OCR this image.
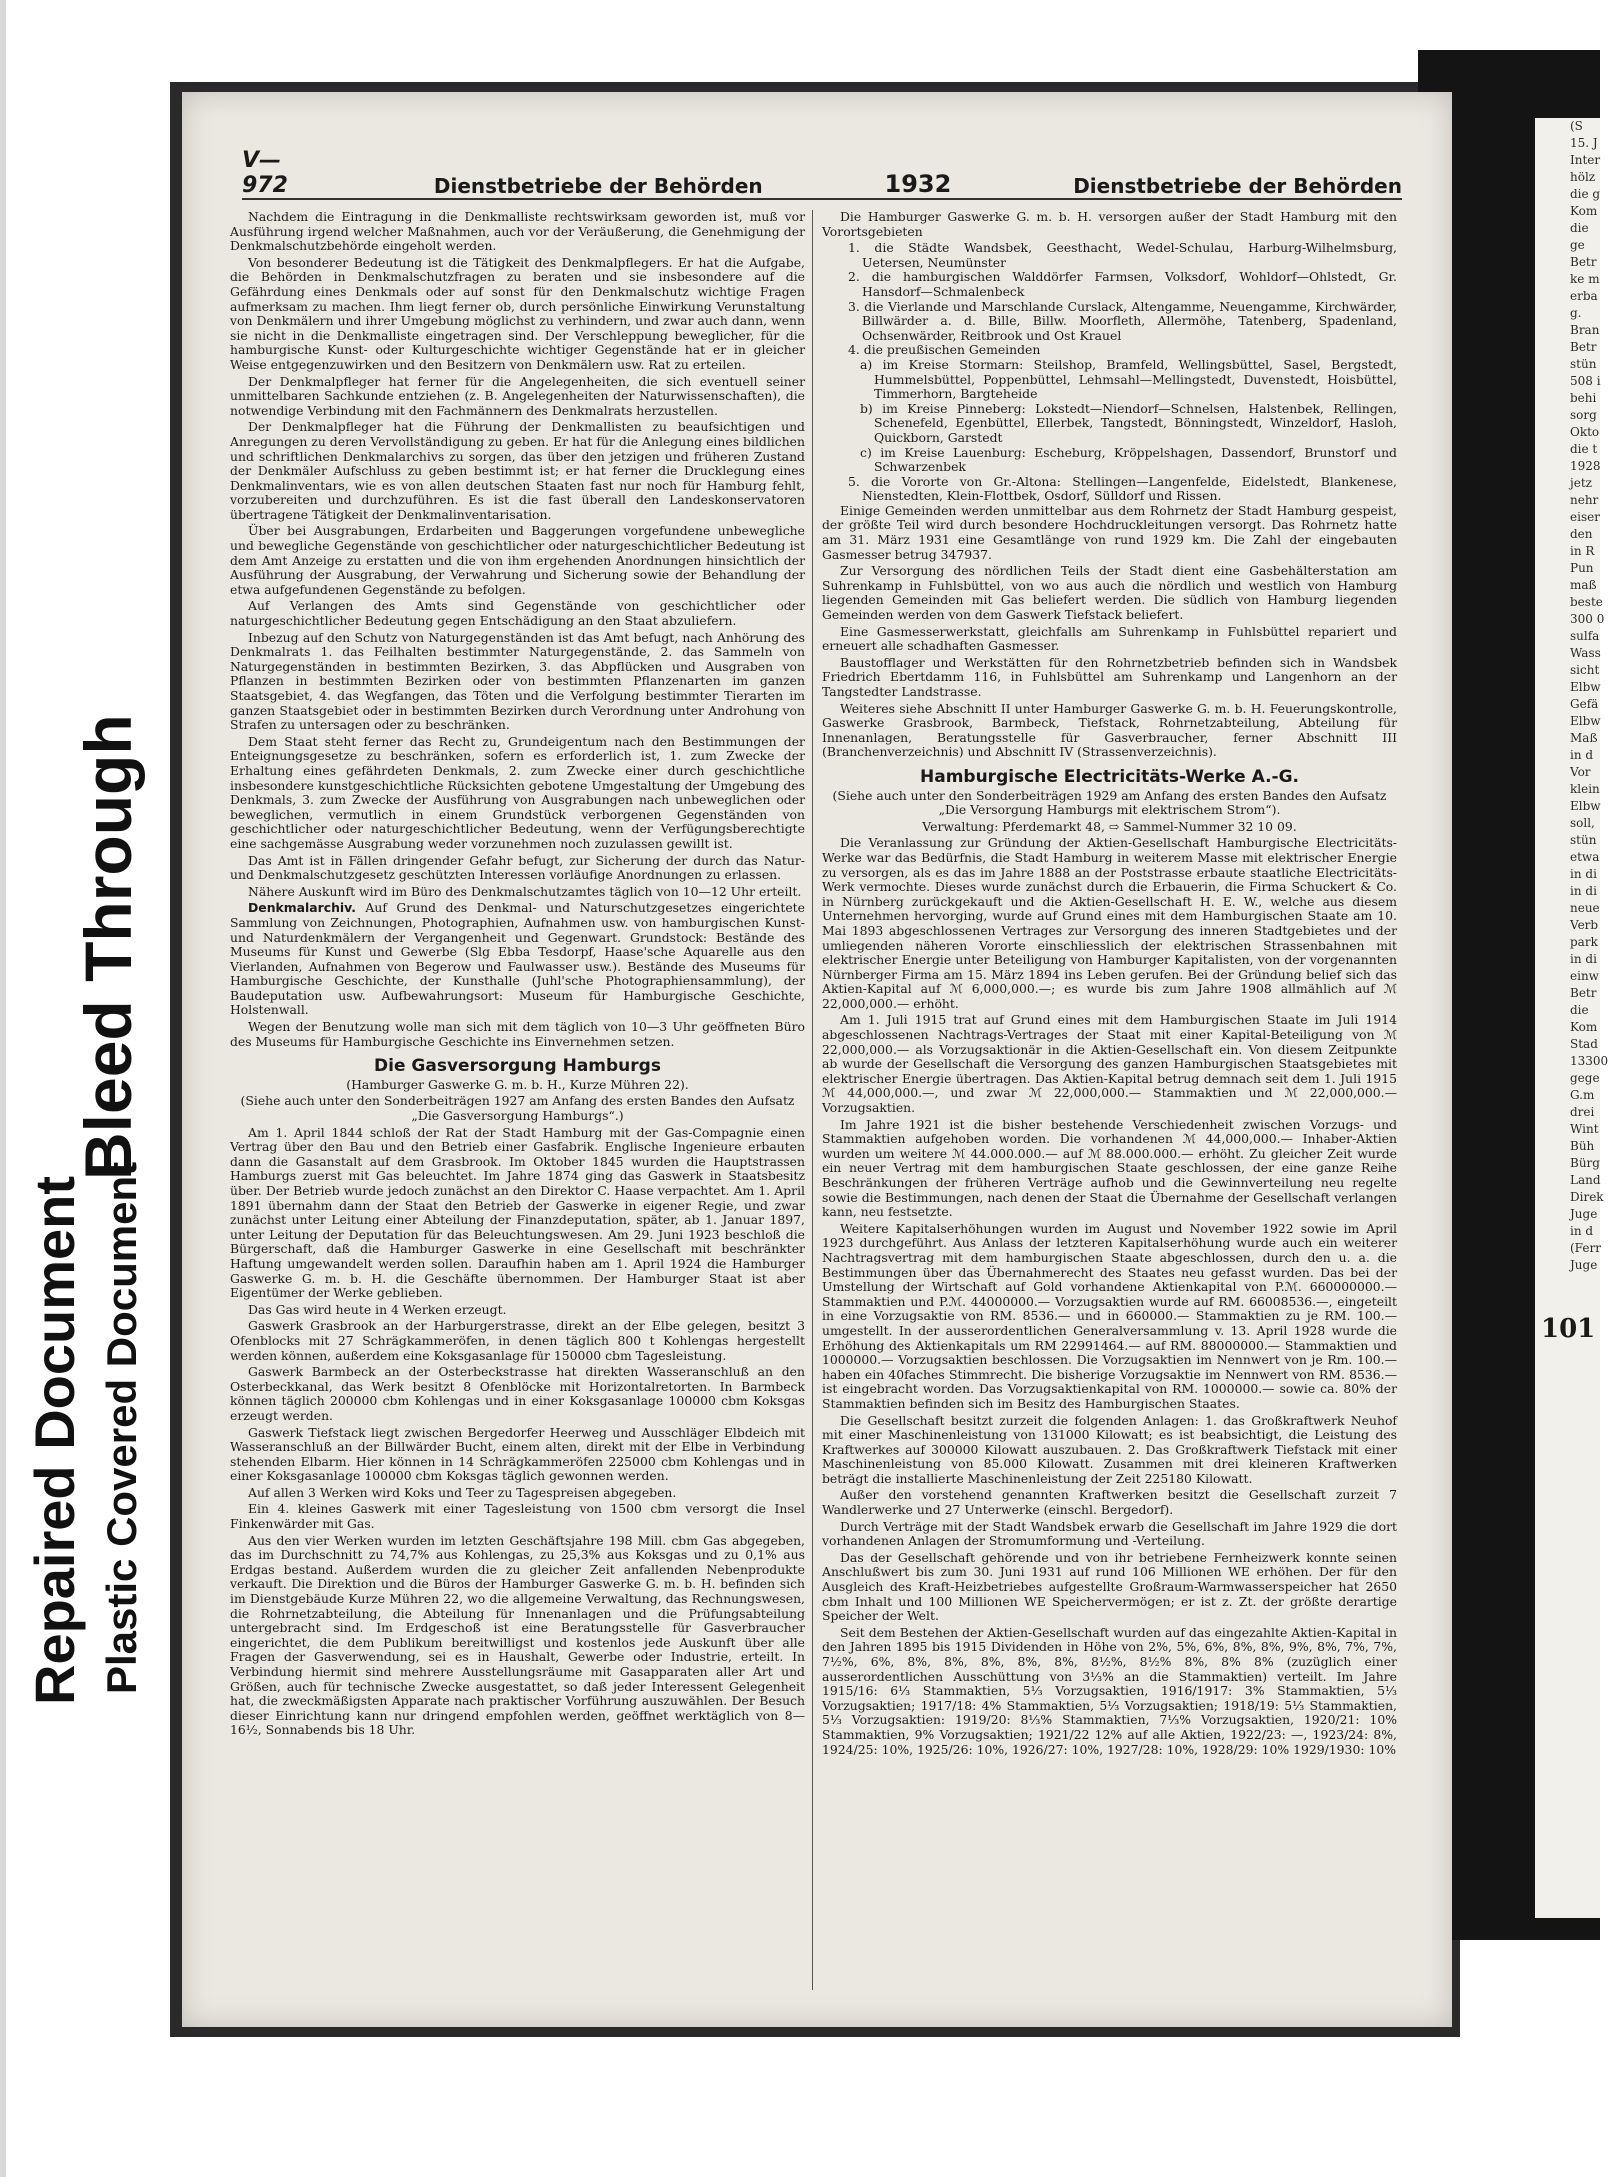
(S
15. J
Inter
hölz
die g
Kom
die
ge
Betr
ke m
erba
g.
Bran
Betr
stün
508 i
behi
sorg
Okto
die t
1928
jetz
nehr
eiser
den
in R
Pun
maß
beste
300 0
sulfa
Wass
sicht
Elbw
Gefä
Elbw
Maß
in d
Vor
klein
Elbw
soll,
stün
etwa
in di
in di
neue
Verb
park
in di
einw
Betr
die
Kom
Stad
13300
gege
G.m
drei
Wint
Büh
Bürg
Land
Direk
Juge
in d
(Ferr
Juge
101
Repaired Document Plastic Covered Document
Bleed Through
V—972	Dienstbetriebe der Behörden	1932	Dienstbetriebe der Behörden

Nachdem die Eintragung in die Denkmalliste rechtswirksam geworden ist, muß vor Ausführung irgend welcher Maßnahmen, auch vor der Veräußerung, die Genehmigung der Denkmalschutzbehörde eingeholt werden.

Von besonderer Bedeutung ist die Tätigkeit des Denkmalpflegers. Er hat die Aufgabe, die Behörden in Denkmalschutzfragen zu beraten und sie insbesondere auf die Gefährdung eines Denkmals oder auf sonst für den Denkmalschutz wichtige Fragen aufmerksam zu machen. Ihm liegt ferner ob, durch persönliche Einwirkung Verunstaltung von Denkmälern und ihrer Umgebung möglichst zu verhindern, und zwar auch dann, wenn sie nicht in die Denkmalliste eingetragen sind. Der Verschleppung beweglicher, für die hamburgische Kunst- oder Kulturgeschichte wichtiger Gegenstände hat er in gleicher Weise entgegenzuwirken und den Besitzern von Denkmälern usw. Rat zu erteilen.

Der Denkmalpfleger hat ferner für die Angelegenheiten, die sich eventuell seiner unmittelbaren Sachkunde entziehen (z. B. Angelegenheiten der Naturwissenschaften), die notwendige Verbindung mit den Fachmännern des Denkmalrats herzustellen.

Der Denkmalpfleger hat die Führung der Denkmallisten zu beaufsichtigen und Anregungen zu deren Vervollständigung zu geben. Er hat für die Anlegung eines bildlichen und schriftlichen Denkmalarchivs zu sorgen, das über den jetzigen und früheren Zustand der Denkmäler Aufschluss zu geben bestimmt ist; er hat ferner die Drucklegung eines Denkmalinventars, wie es von allen deutschen Staaten fast nur noch für Hamburg fehlt, vorzubereiten und durchzuführen. Es ist die fast überall den Landeskonservatoren übertragene Tätigkeit der Denkmalinventarisation.

Über bei Ausgrabungen, Erdarbeiten und Baggerungen vorgefundene unbewegliche und bewegliche Gegenstände von geschichtlicher oder naturgeschichtlicher Bedeutung ist dem Amt Anzeige zu erstatten und die von ihm ergehenden Anordnungen hinsichtlich der Ausführung der Ausgrabung, der Verwahrung und Sicherung sowie der Behandlung der etwa aufgefundenen Gegenstände zu befolgen.

Auf Verlangen des Amts sind Gegenstände von geschichtlicher oder naturgeschichtlicher Bedeutung gegen Entschädigung an den Staat abzuliefern.

Inbezug auf den Schutz von Naturgegenständen ist das Amt befugt, nach Anhörung des Denkmalrats 1. das Feilhalten bestimmter Naturgegenstände, 2. das Sammeln von Naturgegenständen in bestimmten Bezirken, 3. das Abpflücken und Ausgraben von Pflanzen in bestimmten Bezirken oder von bestimmten Pflanzenarten im ganzen Staatsgebiet, 4. das Wegfangen, das Töten und die Verfolgung bestimmter Tierarten im ganzen Staatsgebiet oder in bestimmten Bezirken durch Verordnung unter Androhung von Strafen zu untersagen oder zu beschränken.

Dem Staat steht ferner das Recht zu, Grundeigentum nach den Bestimmungen der Enteignungsgesetze zu beschränken, sofern es erforderlich ist, 1. zum Zwecke der Erhaltung eines gefährdeten Denkmals, 2. zum Zwecke einer durch geschichtliche insbesondere kunstgeschichtliche Rücksichten gebotene Umgestaltung der Umgebung des Denkmals, 3. zum Zwecke der Ausführung von Ausgrabungen nach unbeweglichen oder beweglichen, vermutlich in einem Grundstück verborgenen Gegenständen von geschichtlicher oder naturgeschichtlicher Bedeutung, wenn der Verfügungsberechtigte eine sachgemässe Ausgrabung weder vorzunehmen noch zuzulassen gewillt ist.

Das Amt ist in Fällen dringender Gefahr befugt, zur Sicherung der durch das Natur- und Denkmalschutzgesetz geschützten Interessen vorläufige Anordnungen zu erlassen.

Nähere Auskunft wird im Büro des Denkmalschutzamtes täglich von 10—12 Uhr erteilt.

Denkmalarchiv. Auf Grund des Denkmal- und Naturschutzgesetzes eingerichtete Sammlung von Zeichnungen, Photographien, Aufnahmen usw. von hamburgischen Kunst- und Naturdenkmälern der Vergangenheit und Gegenwart. Grundstock: Bestände des Museums für Kunst und Gewerbe (Slg Ebba Tesdorpf, Haase'sche Aquarelle aus den Vierlanden, Aufnahmen von Begerow und Faulwasser usw.). Bestände des Museums für Hamburgische Geschichte, der Kunsthalle (Juhl'sche Photographiensammlung), der Baudeputation usw. Aufbewahrungsort: Museum für Hamburgische Geschichte, Holstenwall.

Wegen der Benutzung wolle man sich mit dem täglich von 10—3 Uhr geöffneten Büro des Museums für Hamburgische Geschichte ins Einvernehmen setzen.

Die Gasversorgung Hamburgs

(Hamburger Gaswerke G. m. b. H., Kurze Mühren 22).

(Siehe auch unter den Sonderbeiträgen 1927 am Anfang des ersten Bandes den Aufsatz „Die Gasversorgung Hamburgs“.)

Am 1. April 1844 schloß der Rat der Stadt Hamburg mit der Gas-Compagnie einen Vertrag über den Bau und den Betrieb einer Gasfabrik. Englische Ingenieure erbauten dann die Gasanstalt auf dem Grasbrook. Im Oktober 1845 wurden die Hauptstrassen Hamburgs zuerst mit Gas beleuchtet. Im Jahre 1874 ging das Gaswerk in Staatsbesitz über. Der Betrieb wurde jedoch zunächst an den Direktor C. Haase verpachtet. Am 1. April 1891 übernahm dann der Staat den Betrieb der Gaswerke in eigener Regie, und zwar zunächst unter Leitung einer Abteilung der Finanzdeputation, später, ab 1. Januar 1897, unter Leitung der Deputation für das Beleuchtungswesen. Am 29. Juni 1923 beschloß die Bürgerschaft, daß die Hamburger Gaswerke in eine Gesellschaft mit beschränkter Haftung umgewandelt werden sollen. Daraufhin haben am 1. April 1924 die Hamburger Gaswerke G. m. b. H. die Geschäfte übernommen. Der Hamburger Staat ist aber Eigentümer der Werke geblieben.

Das Gas wird heute in 4 Werken erzeugt.

Gaswerk Grasbrook an der Harburgerstrasse, direkt an der Elbe gelegen, besitzt 3 Ofenblocks mit 27 Schrägkammeröfen, in denen täglich 800 t Kohlengas hergestellt werden können, außerdem eine Koksgasanlage für 150000 cbm Tagesleistung.

Gaswerk Barmbeck an der Osterbeckstrasse hat direkten Wasseranschluß an den Osterbeckkanal, das Werk besitzt 8 Ofenblöcke mit Horizontalretorten. In Barmbeck können täglich 200000 cbm Kohlengas und in einer Koksgasanlage 100000 cbm Koksgas erzeugt werden.

Gaswerk Tiefstack liegt zwischen Bergedorfer Heerweg und Ausschläger Elbdeich mit Wasseranschluß an der Billwärder Bucht, einem alten, direkt mit der Elbe in Verbindung stehenden Elbarm. Hier können in 14 Schrägkammeröfen 225000 cbm Kohlengas und in einer Koksgasanlage 100000 cbm Koksgas täglich gewonnen werden.

Auf allen 3 Werken wird Koks und Teer zu Tagespreisen abgegeben.

Ein 4. kleines Gaswerk mit einer Tagesleistung von 1500 cbm versorgt die Insel Finkenwärder mit Gas.

Aus den vier Werken wurden im letzten Geschäftsjahre 198 Mill. cbm Gas abgegeben, das im Durchschnitt zu 74,7% aus Kohlengas, zu 25,3% aus Koksgas und zu 0,1% aus Erdgas bestand. Außerdem wurden die zu gleicher Zeit anfallenden Nebenprodukte verkauft. Die Direktion und die Büros der Hamburger Gaswerke G. m. b. H. befinden sich im Dienstgebäude Kurze Mühren 22, wo die allgemeine Verwaltung, das Rechnungswesen, die Rohrnetzabteilung, die Abteilung für Innenanlagen und die Prüfungsabteilung untergebracht sind. Im Erdgeschoß ist eine Beratungsstelle für Gasverbraucher eingerichtet, die dem Publikum bereitwilligst und kostenlos jede Auskunft über alle Fragen der Gasverwendung, sei es in Haushalt, Gewerbe oder Industrie, erteilt. In Verbindung hiermit sind mehrere Ausstellungsräume mit Gasapparaten aller Art und Größen, auch für technische Zwecke ausgestattet, so daß jeder Interessent Gelegenheit hat, die zweckmäßigsten Apparate nach praktischer Vorführung auszuwählen. Der Besuch dieser Einrichtung kann nur dringend empfohlen werden, geöffnet werktäglich von 8—16½, Sonnabends bis 18 Uhr.

Die Hamburger Gaswerke G. m. b. H. versorgen außer der Stadt Hamburg mit den Vorortsgebieten

1. die Städte Wandsbek, Geesthacht, Wedel-Schulau, Harburg-Wilhelmsburg, Uetersen, Neumünster
2. die hamburgischen Walddörfer Farmsen, Volksdorf, Wohldorf—Ohlstedt, Gr. Hansdorf—Schmalenbeck
3. die Vierlande und Marschlande Curslack, Altengamme, Neuengamme, Kirchwärder, Billwärder a. d. Bille, Billw. Moorfleth, Allermöhe, Tatenberg, Spadenland, Ochsenwärder, Reitbrook und Ost Krauel
4. die preußischen Gemeinden
a) im Kreise Stormarn: Steilshop, Bramfeld, Wellingsbüttel, Sasel, Bergstedt, Hummelsbüttel, Poppenbüttel, Lehmsahl—Mellingstedt, Duvenstedt, Hoisbüttel, Timmerhorn, Bargteheide
b) im Kreise Pinneberg: Lokstedt—Niendorf—Schnelsen, Halstenbek, Rellingen, Schenefeld, Egenbüttel, Ellerbek, Tangstedt, Bönningstedt, Winzeldorf, Hasloh, Quickborn, Garstedt
c) im Kreise Lauenburg: Escheburg, Kröppelshagen, Dassendorf, Brunstorf und Schwarzenbek
5. die Vororte von Gr.-Altona: Stellingen—Langenfelde, Eidelstedt, Blankenese, Nienstedten, Klein-Flottbek, Osdorf, Sülldorf und Rissen.

Einige Gemeinden werden unmittelbar aus dem Rohrnetz der Stadt Hamburg gespeist, der größte Teil wird durch besondere Hochdruckleitungen versorgt. Das Rohrnetz hatte am 31. März 1931 eine Gesamtlänge von rund 1929 km. Die Zahl der eingebauten Gasmesser betrug 347937.

Zur Versorgung des nördlichen Teils der Stadt dient eine Gasbehälterstation am Suhrenkamp in Fuhlsbüttel, von wo aus auch die nördlich und westlich von Hamburg liegenden Gemeinden mit Gas beliefert werden. Die südlich von Hamburg liegenden Gemeinden werden von dem Gaswerk Tiefstack beliefert.

Eine Gasmesserwerkstatt, gleichfalls am Suhrenkamp in Fuhlsbüttel repariert und erneuert alle schadhaften Gasmesser.

Baustofflager und Werkstätten für den Rohrnetzbetrieb befinden sich in Wandsbek Friedrich Ebertdamm 116, in Fuhlsbüttel am Suhrenkamp und Langenhorn an der Tangstedter Landstrasse.

Weiteres siehe Abschnitt II unter Hamburger Gaswerke G. m. b. H. Feuerungskontrolle, Gaswerke Grasbrook, Barmbeck, Tiefstack, Rohrnetzabteilung, Abteilung für Innenanlagen, Beratungsstelle für Gasverbraucher, ferner Abschnitt III (Branchenverzeichnis) und Abschnitt IV (Strassenverzeichnis).

Hamburgische Electricitäts-Werke A.-G.

(Siehe auch unter den Sonderbeiträgen 1929 am Anfang des ersten Bandes den Aufsatz „Die Versorgung Hamburgs mit elektrischem Strom“).

Verwaltung: Pferdemarkt 48, ⇨ Sammel-Nummer 32 10 09.

Die Veranlassung zur Gründung der Aktien-Gesellschaft Hamburgische Electricitäts-Werke war das Bedürfnis, die Stadt Hamburg in weiterem Masse mit elektrischer Energie zu versorgen, als es das im Jahre 1888 an der Poststrasse erbaute staatliche Electricitäts-Werk vermochte. Dieses wurde zunächst durch die Erbauerin, die Firma Schuckert & Co. in Nürnberg zurückgekauft und die Aktien-Gesellschaft H. E. W., welche aus diesem Unternehmen hervorging, wurde auf Grund eines mit dem Hamburgischen Staate am 10. Mai 1893 abgeschlossenen Vertrages zur Versorgung des inneren Stadtgebietes und der umliegenden näheren Vororte einschliesslich der elektrischen Strassenbahnen mit elektrischer Energie unter Beteiligung von Hamburger Kapitalisten, von der vorgenannten Nürnberger Firma am 15. März 1894 ins Leben gerufen. Bei der Gründung belief sich das Aktien-Kapital auf ℳ 6,000,000.—; es wurde bis zum Jahre 1908 allmählich auf ℳ 22,000,000.— erhöht.

Am 1. Juli 1915 trat auf Grund eines mit dem Hamburgischen Staate im Juli 1914 abgeschlossenen Nachtrags-Vertrages der Staat mit einer Kapital-Beteiligung von ℳ 22,000,000.— als Vorzugsaktionär in die Aktien-Gesellschaft ein. Von diesem Zeitpunkte ab wurde der Gesellschaft die Versorgung des ganzen Hamburgischen Staatsgebietes mit elektrischer Energie übertragen. Das Aktien-Kapital betrug demnach seit dem 1. Juli 1915 ℳ 44,000,000.—, und zwar ℳ 22,000,000.— Stammaktien und ℳ 22,000,000.— Vorzugsaktien.

Im Jahre 1921 ist die bisher bestehende Verschiedenheit zwischen Vorzugs- und Stammaktien aufgehoben worden. Die vorhandenen ℳ 44,000,000.— Inhaber-Aktien wurden um weitere ℳ 44.000.000.— auf ℳ 88.000.000.— erhöht. Zu gleicher Zeit wurde ein neuer Vertrag mit dem hamburgischen Staate geschlossen, der eine ganze Reihe Beschränkungen der früheren Verträge aufhob und die Gewinnverteilung neu regelte sowie die Bestimmungen, nach denen der Staat die Übernahme der Gesellschaft verlangen kann, neu festsetzte.

Weitere Kapitalserhöhungen wurden im August und November 1922 sowie im April 1923 durchgeführt. Aus Anlass der letzteren Kapitalserhöhung wurde auch ein weiterer Nachtragsvertrag mit dem hamburgischen Staate abgeschlossen, durch den u. a. die Bestimmungen über das Übernahmerecht des Staates neu gefasst wurden. Das bei der Umstellung der Wirtschaft auf Gold vorhandene Aktienkapital von P.ℳ. 660000000.— Stammaktien und P.ℳ. 44000000.— Vorzugsaktien wurde auf RM. 66008536.—, eingeteilt in eine Vorzugsaktie von RM. 8536.— und in 660000.— Stammaktien zu je RM. 100.— umgestellt. In der ausserordentlichen Generalversammlung v. 13. April 1928 wurde die Erhöhung des Aktienkapitals um RM 22991464.— auf RM. 88000000.— Stammaktien und 1000000.— Vorzugsaktien beschlossen. Die Vorzugsaktien im Nennwert von je Rm. 100.— haben ein 40faches Stimmrecht. Die bisherige Vorzugsaktie im Nennwert von RM. 8536.— ist eingebracht worden. Das Vorzugsaktienkapital von RM. 1000000.— sowie ca. 80% der Stammaktien befinden sich im Besitz des Hamburgischen Staates.

Die Gesellschaft besitzt zurzeit die folgenden Anlagen: 1. das Großkraftwerk Neuhof mit einer Maschinenleistung von 131000 Kilowatt; es ist beabsichtigt, die Leistung des Kraftwerkes auf 300000 Kilowatt auszubauen. 2. Das Großkraftwerk Tiefstack mit einer Maschinenleistung von 85.000 Kilowatt. Zusammen mit drei kleineren Kraftwerken beträgt die installierte Maschinenleistung der Zeit 225180 Kilowatt.

Außer den vorstehend genannten Kraftwerken besitzt die Gesellschaft zurzeit 7 Wandlerwerke und 27 Unterwerke (einschl. Bergedorf).

Durch Verträge mit der Stadt Wandsbek erwarb die Gesellschaft im Jahre 1929 die dort vorhandenen Anlagen der Stromumformung und -Verteilung.

Das der Gesellschaft gehörende und von ihr betriebene Fernheizwerk konnte seinen Anschlußwert bis zum 30. Juni 1931 auf rund 106 Millionen WE erhöhen. Der für den Ausgleich des Kraft-Heizbetriebes aufgestellte Großraum-Warmwasserspeicher hat 2650 cbm Inhalt und 100 Millionen WE Speichervermögen; er ist z. Zt. der größte derartige Speicher der Welt.

Seit dem Bestehen der Aktien-Gesellschaft wurden auf das eingezahlte Aktien-Kapital in den Jahren 1895 bis 1915 Dividenden in Höhe von 2%, 5%, 6%, 8%, 8%, 9%, 8%, 7%, 7%, 7½%, 6%, 8%, 8%, 8%, 8%, 8%, 8½%, 8½% 8%, 8% 8% (zuzüglich einer ausserordentlichen Ausschüttung von 3⅓% an die Stammaktien) verteilt. Im Jahre 1915/16: 6⅓ Stammaktien, 5⅓ Vorzugsaktien, 1916/1917: 3% Stammaktien, 5⅓ Vorzugsaktien; 1917/18: 4% Stammaktien, 5⅓ Vorzugsaktien; 1918/19: 5⅓ Stammaktien, 5⅓ Vorzugsaktien: 1919/20: 8⅓% Stammaktien, 7⅓% Vorzugsaktien, 1920/21: 10% Stammaktien, 9% Vorzugsaktien; 1921/22 12% auf alle Aktien, 1922/23: —, 1923/24: 8%, 1924/25: 10%, 1925/26: 10%, 1926/27: 10%, 1927/28: 10%, 1928/29: 10% 1929/1930: 10%
